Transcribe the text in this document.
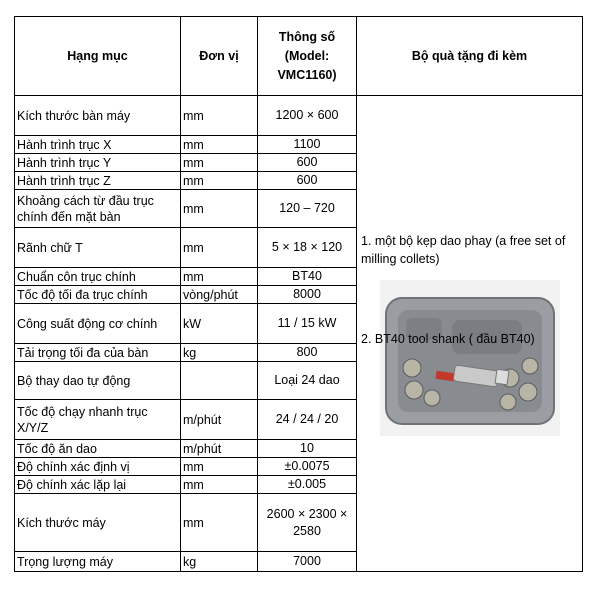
Hạng mục	Đơn vị	Thông số (Model: VMC1160)	Bộ quà tặng đi kèm
Kích thước bàn máy	mm	1200 × 600	1. một bộ kẹp dao phay (a free set of milling collets)
2. BT40 tool shank ( đầu BT40)

Hành trình trục X	mm	1100	
Hành trình trục Y	mm	600	
Hành trình trục Z	mm	600	
Khoảng cách từ đầu trục chính đến mặt bàn	mm	120 – 720	
Rãnh chữ T	mm	5 × 18 × 120	
Chuẩn côn trục chính	mm	BT40	
Tốc độ tối đa trục chính	vòng/phút	8000	
Công suất động cơ chính	kW	11 / 15 kW	
Tải trọng tối đa của bàn	kg	800	
Bộ thay dao tự động		Loại 24 dao	
Tốc độ chạy nhanh trục X/Y/Z	m/phút	24 / 24 / 20	
Tốc độ ăn dao	m/phút	10	
Độ chính xác định vị	mm	±0.0075	
Độ chính xác lặp lại	mm	±0.005	
Kích thước máy	mm	2600 × 2300 × 2580	
Trọng lượng máy	kg	7000	
